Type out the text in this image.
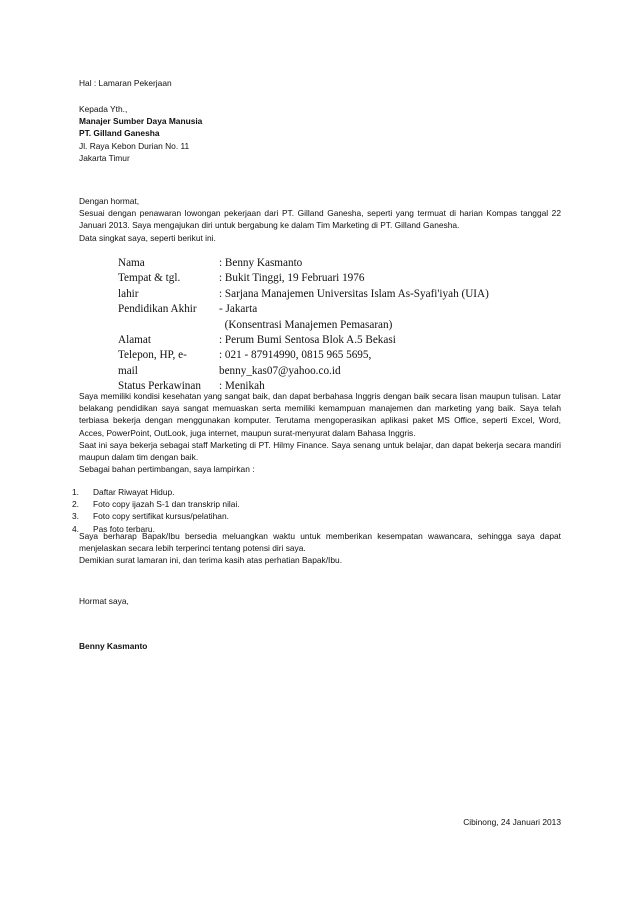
Hal : Lamaran Pekerjaan
Kepada Yth.,
Manajer Sumber Daya Manusia
PT. Gilland Ganesha
Jl. Raya Kebon Durian No. 11
Jakarta Timur
Dengan hormat,
Sesuai dengan penawaran lowongan pekerjaan dari PT. Gilland Ganesha, seperti yang termuat di harian Kompas tanggal 22 Januari 2013. Saya mengajukan diri untuk bergabung ke dalam Tim Marketing di PT. Gilland Ganesha.
Data singkat saya, seperti berikut ini.
Nama	: Benny Kasmanto
Tempat & tgl.	: Bukit Tinggi, 19 Februari 1976
lahir	: Sarjana Manajemen Universitas Islam As-Syafi'iyah (UIA)
Pendidikan Akhir	- Jakarta
	(Konsentrasi Manajemen Pemasaran)
Alamat	: Perum Bumi Sentosa Blok A.5 Bekasi
Telepon, HP, e-	: 021 - 87914990, 0815 965 5695,
mail	benny_kas07@yahoo.co.id
Status Perkawinan	: Menikah

Saya memiliki kondisi kesehatan yang sangat baik, dan dapat berbahasa Inggris dengan baik secara lisan maupun tulisan. Latar belakang pendidikan saya sangat memuaskan serta memiliki kemampuan manajemen dan marketing yang baik. Saya telah terbiasa bekerja dengan menggunakan komputer. Terutama mengoperasikan aplikasi paket MS Office, seperti Excel, Word, Acces, PowerPoint, OutLook, juga internet, maupun surat-menyurat dalam Bahasa Inggris.

Saat ini saya bekerja sebagai staff Marketing di PT. Hilmy Finance. Saya senang untuk belajar, dan dapat bekerja secara mandiri maupun dalam tim dengan baik.

Sebagai bahan pertimbangan, saya lampirkan :

1.	Daftar Riwayat Hidup.
2.	Foto copy ijazah S-1 dan transkrip nilai.
3.	Foto copy sertifikat kursus/pelatihan.
4.	Pas foto terbaru.

Saya berharap Bapak/Ibu bersedia meluangkan waktu untuk memberikan kesempatan wawancara, sehingga saya dapat menjelaskan secara lebih terperinci tentang potensi diri saya.

Demikian surat lamaran ini, dan terima kasih atas perhatian Bapak/Ibu.

Hormat saya,
Benny Kasmanto
Cibinong, 24 Januari 2013
